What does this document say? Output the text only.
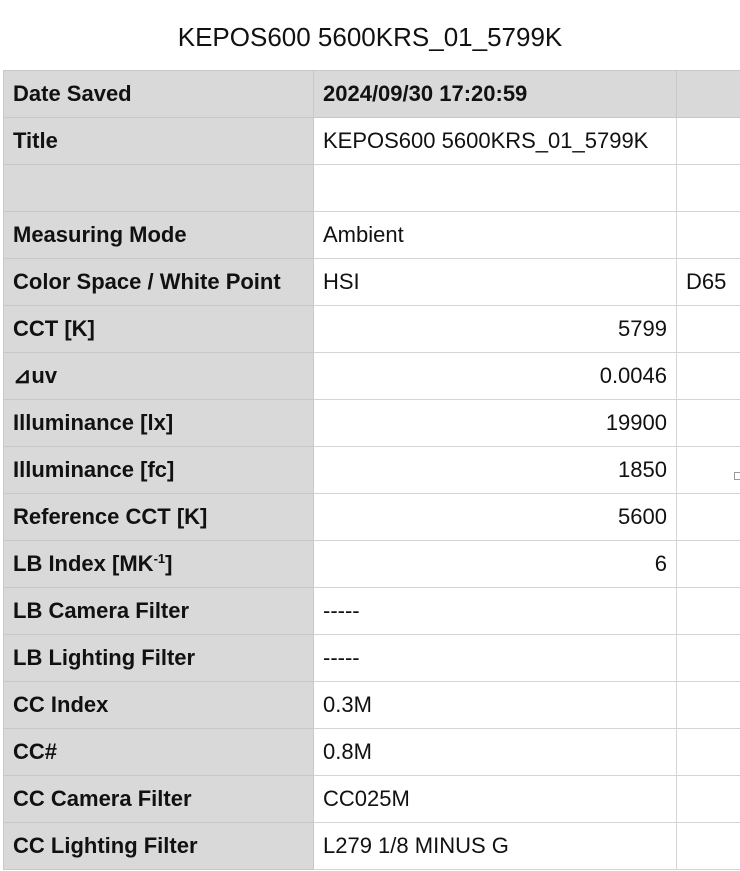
KEPOS600 5600KRS_01_5799K
Date Saved	2024/09/30 17:20:59	
Title	KEPOS600 5600KRS_01_5799K	

Measuring Mode	Ambient	
Color Space / White Point	HSI	D65
CCT [K]	5799	
⊿uv	0.0046	
Illuminance [lx]	19900	
Illuminance [fc]	1850	
Reference CCT [K]	5600	
LB Index $[MK^{-1}]$	6	
LB Camera Filter	-----	
LB Lighting Filter	-----	
CC Index	0.3M	
CC#	0.8M	
CC Camera Filter	CC025M	
CC Lighting Filter	L279 1/8 MINUS G	
